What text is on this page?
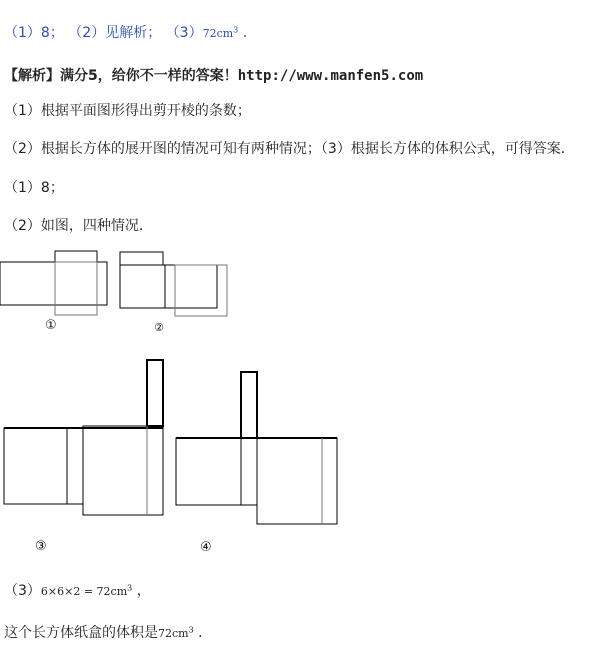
（1）8； （2）见解析； $(3)72cm^3$ ．
【解析】满分5，给你不一样的答案！http://www.manfen5.com
（1）根据平面图形得出剪开棱的条数；
（2）根据长方体的展开图的情况可知有两种情况；（3）根据长方体的体积公式，可得答案．
（1）8；
（2）如图，四种情况．
①	②
③	④
$(3)6\times 6\times 2 = 72cm^3$ ，
这个长方体纸盒的体积是$72cm^3$ ．
